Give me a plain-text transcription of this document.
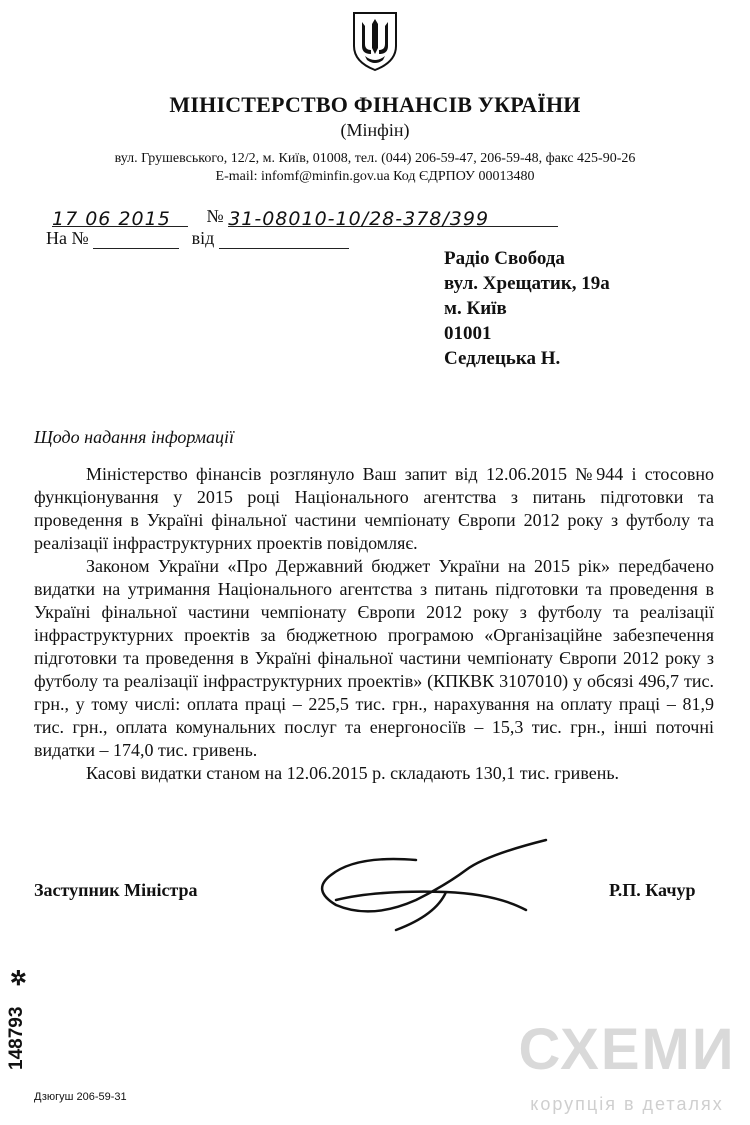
МІНІСТЕРСТВО ФІНАНСІВ УКРАЇНИ
(Мінфін)
вул. Грушевського, 12/2, м. Київ, 01008, тел. (044) 206-59-47, 206-59-48, факс 425-90-26
E-mail: infomf@minfin.gov.ua Код ЄДРПОУ 00013480
17 06 2015 № 31-08010-10/28-378/399
На №	від
Радіо Свобода
вул. Хрещатик, 19а
м. Київ
01001
Седлецька Н.
Щодо надання інформації

Міністерство фінансів розглянуло Ваш запит від 12.06.2015 №944 і стосовно функціонування у 2015 році Національного агентства з питань підготовки та проведення в Україні фінальної частини чемпіонату Європи 2012 року з футболу та реалізації інфраструктурних проектів повідомляє.

Законом України «Про Державний бюджет України на 2015 рік» передбачено видатки на утримання Національного агентства з питань підготовки та проведення в Україні фінальної частини чемпіонату Європи 2012 року з футболу та реалізації інфраструктурних проектів за бюджетною програмою «Організаційне забезпечення підготовки та проведення в Україні фінальної частини чемпіонату Європи 2012 року з футболу та реалізації інфраструктурних проектів» (КПКВК 3107010) у обсязі 496,7 тис. грн., у тому числі: оплата праці – 225,5 тис. грн., нарахування на оплату праці – 81,9 тис. грн., оплата комунальних послуг та енергоносіїв – 15,3 тис. грн., інші поточні видатки – 174,0 тис. гривень.

Касові видатки станом на 12.06.2015 р. складають 130,1 тис. гривень.

Заступник Міністра	Р.П. Качур
✲
148793
Дзюгуш 206-59-31
СХЕМИ
корупція в деталях
